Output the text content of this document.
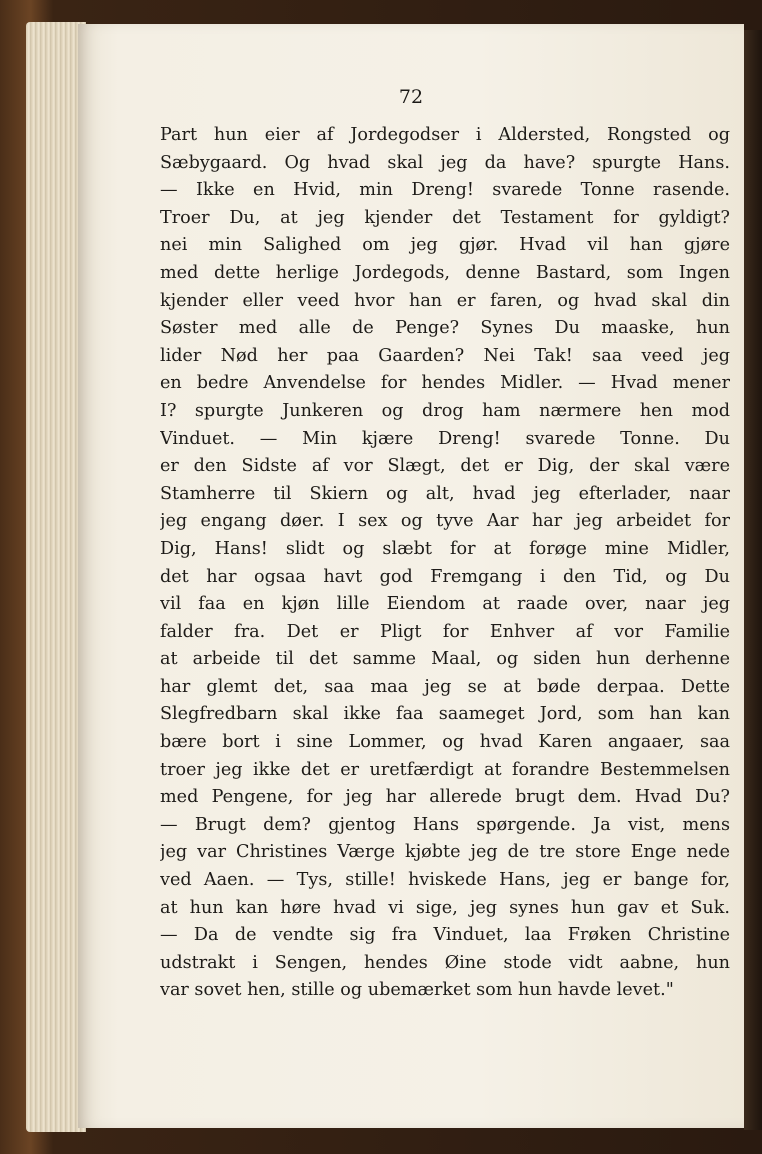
72
Part hun eier af Jordegodser i Aldersted, Rongsted og
Sæbygaard. Og hvad skal jeg da have? spurgte Hans.
— Ikke en Hvid, min Dreng! svarede Tonne rasende.
Troer Du, at jeg kjender det Testament for gyldigt?
nei min Salighed om jeg gjør. Hvad vil han gjøre
med dette herlige Jordegods, denne Bastard, som Ingen
kjender eller veed hvor han er faren, og hvad skal din
Søster med alle de Penge? Synes Du maaske, hun
lider Nød her paa Gaarden? Nei Tak! saa veed jeg
en bedre Anvendelse for hendes Midler. — Hvad mener
I? spurgte Junkeren og drog ham nærmere hen mod
Vinduet. — Min kjære Dreng! svarede Tonne. Du
er den Sidste af vor Slægt, det er Dig, der skal være
Stamherre til Skiern og alt, hvad jeg efterlader, naar
jeg engang døer. I sex og tyve Aar har jeg arbeidet for
Dig, Hans! slidt og slæbt for at forøge mine Midler,
det har ogsaa havt god Fremgang i den Tid, og Du
vil faa en kjøn lille Eiendom at raade over, naar jeg
falder fra. Det er Pligt for Enhver af vor Familie
at arbeide til det samme Maal, og siden hun derhenne
har glemt det, saa maa jeg se at bøde derpaa. Dette
Slegfredbarn skal ikke faa saameget Jord, som han kan
bære bort i sine Lommer, og hvad Karen angaaer, saa
troer jeg ikke det er uretfærdigt at forandre Bestemmelsen
med Pengene, for jeg har allerede brugt dem. Hvad Du?
— Brugt dem? gjentog Hans spørgende. Ja vist, mens
jeg var Christines Værge kjøbte jeg de tre store Enge nede
ved Aaen. — Tys, stille! hviskede Hans, jeg er bange for,
at hun kan høre hvad vi sige, jeg synes hun gav et Suk.
— Da de vendte sig fra Vinduet, laa Frøken Christine
udstrakt i Sengen, hendes Øine stode vidt aabne, hun
var sovet hen, stille og ubemærket som hun havde levet."
